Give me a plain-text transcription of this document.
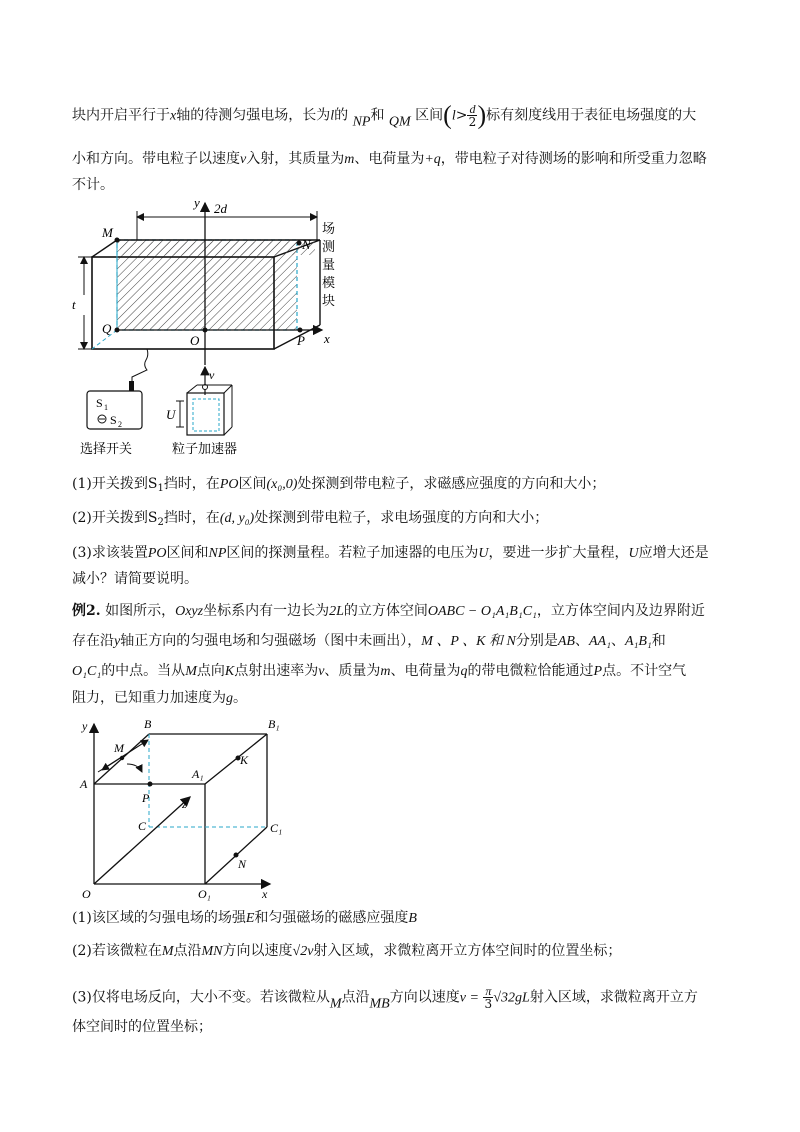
块内开启平行于x轴的待测匀强电场，长为l的 NP和 QM 区间($l> \frac{d}{2}$ )标有刻度线用于表征电场强度的大
小和方向。带电粒子以速度v入射，其质量为m、电荷量为+q，带电粒子对待测场的影响和所受重力忽略
不计。
y 2d
M
N
Q
O	P x
t
场
测
量
模
块
S 1
S 2
v
U
选择开关	粒子加速器
(1)开关拨到$S_1$挡时，在PO区间(x₀,0)处探测到带电粒子，求磁感应强度的方向和大小；
(2)开关拨到$S_2$挡时，在(d, y₀)处探测到带电粒子，求电场强度的方向和大小；
(3)求该装置PO区间和NP区间的探测量程。若粒子加速器的电压为U，要进一步扩大量程，U应增大还是
减小？请简要说明。
例2. 如图所示，Oxyz坐标系内有一边长为2L的立方体空间OABC − O₁A₁B₁C₁，立方体空间内及边界附近
存在沿y轴正方向的匀强电场和匀强磁场（图中未画出），M 、P 、K 和 N分别是AB、AA₁、A₁B₁和
O₁C₁的中点。当从M点向K点射出速率为v、质量为m、电荷量为q的带电微粒恰能通过P点。不计空气
阻力，已知重力加速度为g。
y	B	B₁
M
A
A₁
K
P	z
C	C₁
N
O	O₁	x
(1)该区域的匀强电场的场强E和匀强磁场的磁感应强度B
(2)若该微粒在M点沿MN方向以速度√2v射入区域，求微粒离开立方体空间时的位置坐标；
(3)仅将电场反向，大小不变。若该微粒从M点沿MB方向以速度$v = \frac{\pi}{3} √32gL$射入区域，求微粒离开立方
体空间时的位置坐标；
